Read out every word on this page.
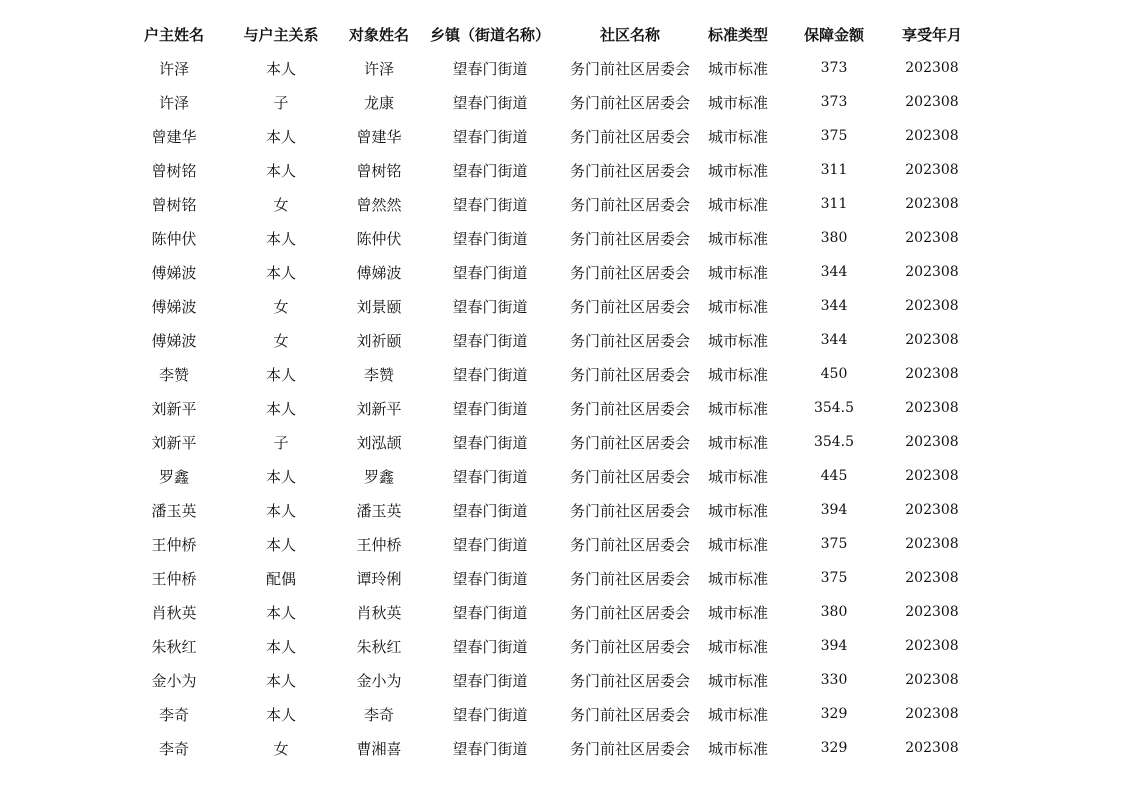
户主姓名	与户主关系	对象姓名	乡镇（街道名称）	社区名称	标准类型	保障金额	享受年月
许泽	本人	许泽	望春门街道	务门前社区居委会	城市标准	373	202308
许泽	子	龙康	望春门街道	务门前社区居委会	城市标准	373	202308
曾建华	本人	曾建华	望春门街道	务门前社区居委会	城市标准	375	202308
曾树铭	本人	曾树铭	望春门街道	务门前社区居委会	城市标准	311	202308
曾树铭	女	曾然然	望春门街道	务门前社区居委会	城市标准	311	202308
陈仲伏	本人	陈仲伏	望春门街道	务门前社区居委会	城市标准	380	202308
傅娣波	本人	傅娣波	望春门街道	务门前社区居委会	城市标准	344	202308
傅娣波	女	刘景颐	望春门街道	务门前社区居委会	城市标准	344	202308
傅娣波	女	刘祈颐	望春门街道	务门前社区居委会	城市标准	344	202308
李赞	本人	李赞	望春门街道	务门前社区居委会	城市标准	450	202308
刘新平	本人	刘新平	望春门街道	务门前社区居委会	城市标准	354.5	202308
刘新平	子	刘泓颉	望春门街道	务门前社区居委会	城市标准	354.5	202308
罗鑫	本人	罗鑫	望春门街道	务门前社区居委会	城市标准	445	202308
潘玉英	本人	潘玉英	望春门街道	务门前社区居委会	城市标准	394	202308
王仲桥	本人	王仲桥	望春门街道	务门前社区居委会	城市标准	375	202308
王仲桥	配偶	谭玲俐	望春门街道	务门前社区居委会	城市标准	375	202308
肖秋英	本人	肖秋英	望春门街道	务门前社区居委会	城市标准	380	202308
朱秋红	本人	朱秋红	望春门街道	务门前社区居委会	城市标准	394	202308
金小为	本人	金小为	望春门街道	务门前社区居委会	城市标准	330	202308
李奇	本人	李奇	望春门街道	务门前社区居委会	城市标准	329	202308
李奇	女	曹湘喜	望春门街道	务门前社区居委会	城市标准	329	202308
